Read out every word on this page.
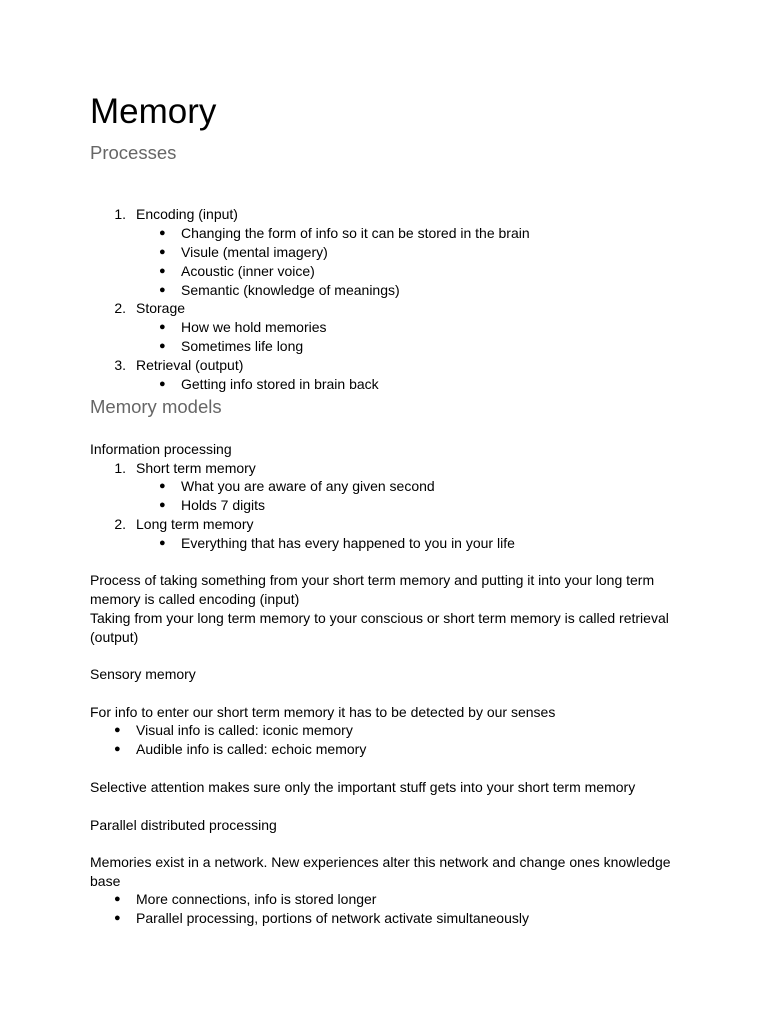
Memory
Processes
1. Encoding (input)
● Changing the form of info so it can be stored in the brain
● Visule (mental imagery)
● Acoustic (inner voice)
● Semantic (knowledge of meanings)
2. Storage
● How we hold memories
● Sometimes life long
3. Retrieval (output)
● Getting info stored in brain back
Memory models
Information processing
1. Short term memory
● What you are aware of any given second
● Holds 7 digits
2. Long term memory
● Everything that has every happened to you in your life
Process of taking something from your short term memory and putting it into your long term memory is called encoding (input)
Taking from your long term memory to your conscious or short term memory is called retrieval (output)
Sensory memory
For info to enter our short term memory it has to be detected by our senses
● Visual info is called: iconic memory
● Audible info is called: echoic memory
Selective attention makes sure only the important stuff gets into your short term memory
Parallel distributed processing
Memories exist in a network. New experiences alter this network and change ones knowledge base
● More connections, info is stored longer
● Parallel processing, portions of network activate simultaneously
